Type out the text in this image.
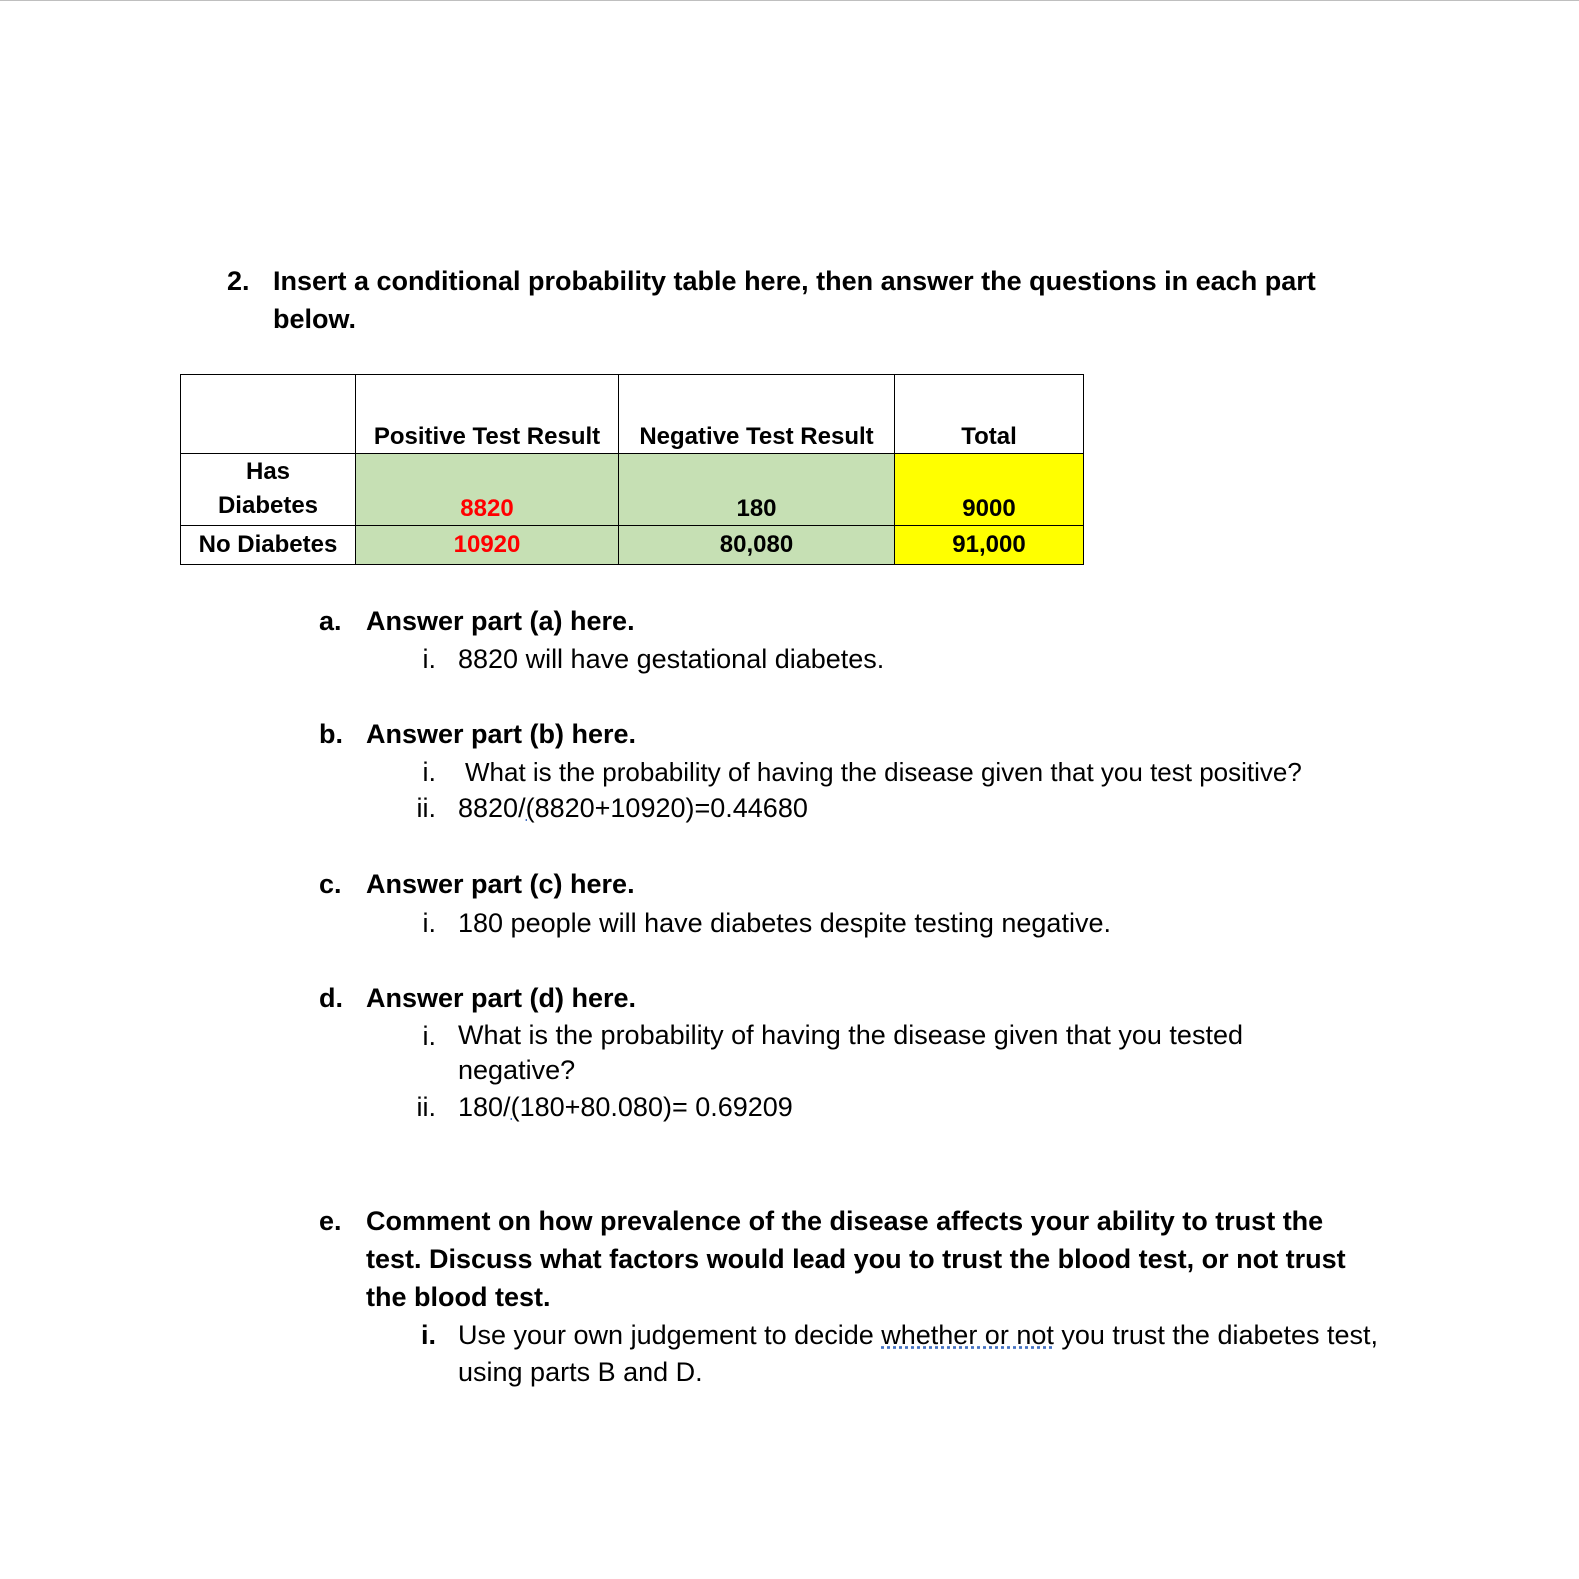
2. Insert a conditional probability table here, then answer the questions in each part below.
	Positive Test Result	Negative Test Result	Total

Has
Diabetes	8820	180	9000
No Diabetes	10920	80,080	91,000
a. Answer part (a) here.
i. 8820 will have gestational diabetes.
b. Answer part (b) here.
i. What is the probability of having the disease given that you test positive?
ii. 8820/(8820+10920)=0.44680
c. Answer part (c) here.
i. 180 people will have diabetes despite testing negative.
d. Answer part (d) here.
i. What is the probability of having the disease given that you tested negative?
ii. 180/(180+80.080)= 0.69209
e. Comment on how prevalence of the disease affects your ability to trust the test. Discuss what factors would lead you to trust the blood test, or not trust the blood test.
i. Use your own judgement to decide whether or not you trust the diabetes test, using parts B and D.
